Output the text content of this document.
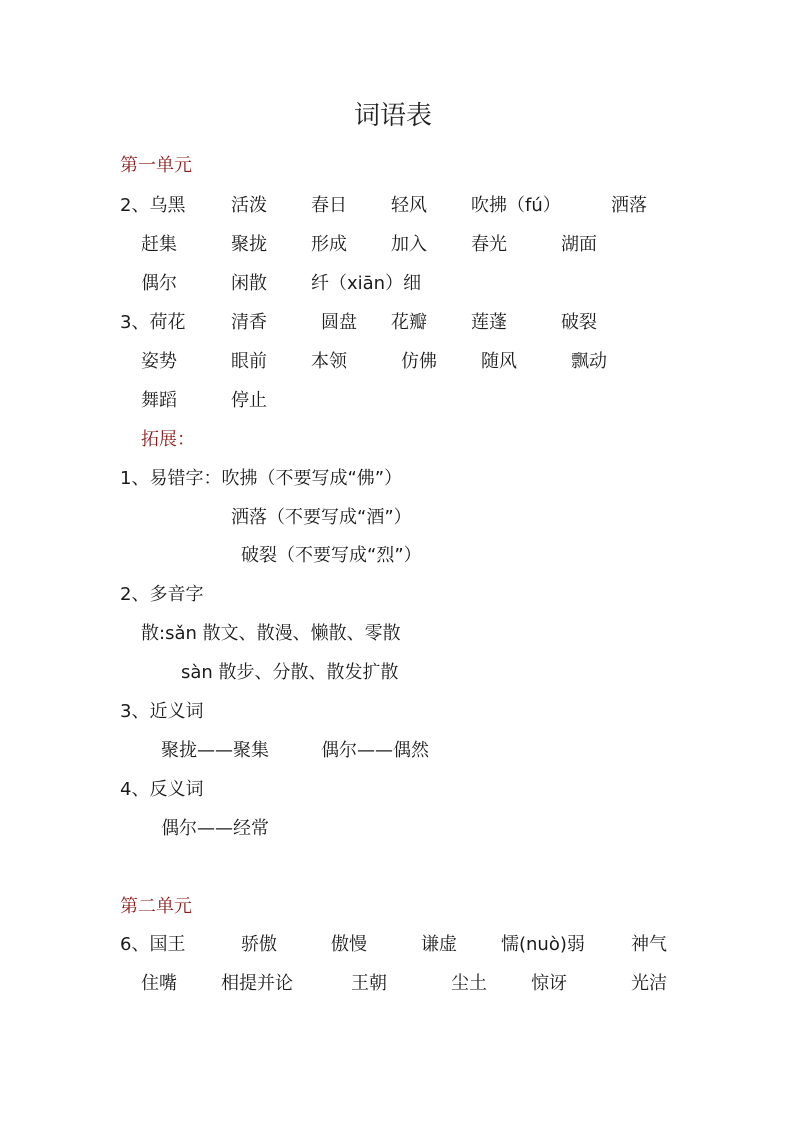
词语表
第一单元
2、乌黑	活泼 春日 轻风 吹拂（fú）	洒落
赶集	聚拢 形成 加入 春光	湖面
偶尔	闲散 纤（xiān）细
3、荷花	清香	圆盘 花瓣 莲蓬	破裂
姿势	眼前 本领	仿佛 随风	飘动
舞蹈	停止
拓展：
1、易错字：吹拂（不要写成“佛”）
洒落（不要写成“酒”）
破裂（不要写成“烈”）
2、多音字
散:sǎn 散文、散漫、懒散、零散
sàn 散步、分散、散发扩散
3、近义词
聚拢——聚集	偶尔——偶然
4、反义词
偶尔——经常
第二单元
6、国王	骄傲	傲慢	谦虚 懦(nuò)弱	神气
住嘴 相提并论	王朝	尘土 惊讶	光洁
